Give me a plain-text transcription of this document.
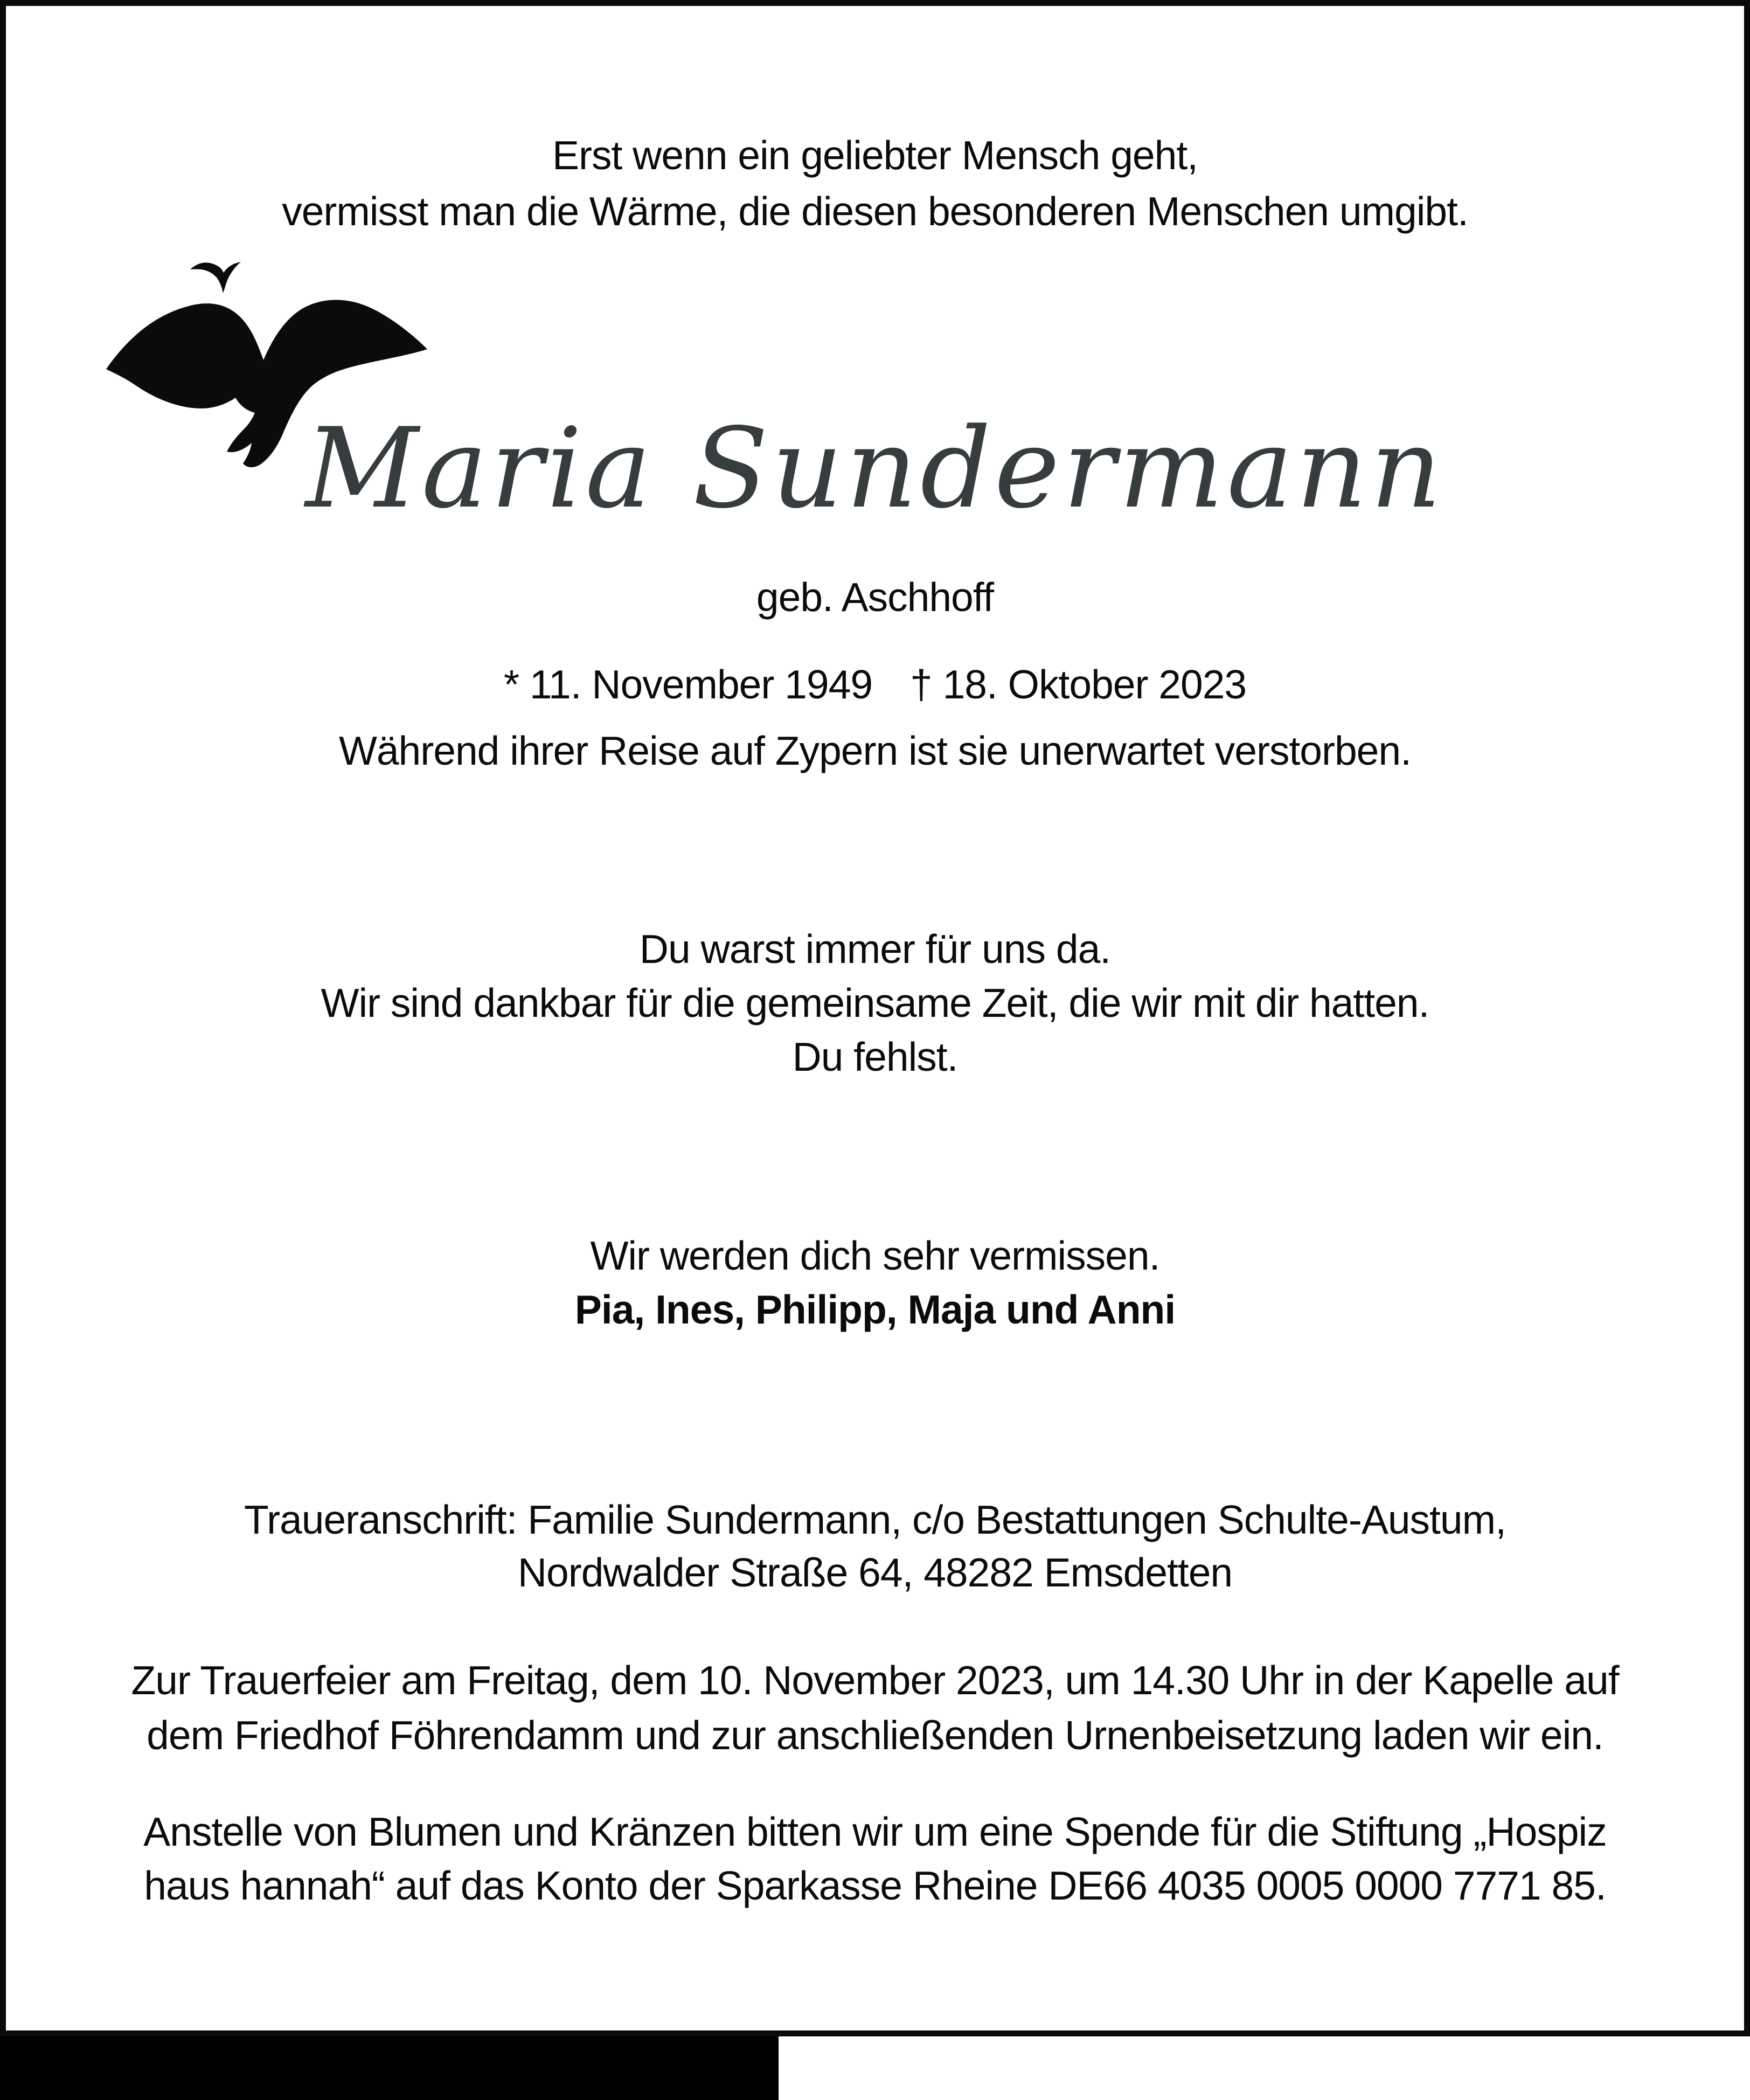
Erst wenn ein geliebter Mensch geht,
vermisst man die Wärme, die diesen besonderen Menschen umgibt.
Maria Sundermann
geb. Aschhoff
* 11. November 1949 † 18. Oktober 2023
Während ihrer Reise auf Zypern ist sie unerwartet verstorben.
Du warst immer für uns da.
Wir sind dankbar für die gemeinsame Zeit, die wir mit dir hatten.
Du fehlst.
Wir werden dich sehr vermissen.
Pia, Ines, Philipp, Maja und Anni
Traueranschrift: Familie Sundermann, c/o Bestattungen Schulte-Austum,
Nordwalder Straße 64, 48282 Emsdetten
Zur Trauerfeier am Freitag, dem 10. November 2023, um 14.30 Uhr in der Kapelle auf
dem Friedhof Föhrendamm und zur anschließenden Urnenbeisetzung laden wir ein.
Anstelle von Blumen und Kränzen bitten wir um eine Spende für die Stiftung „Hospiz
haus hannah“ auf das Konto der Sparkasse Rheine DE66 4035 0005 0000 7771 85.
